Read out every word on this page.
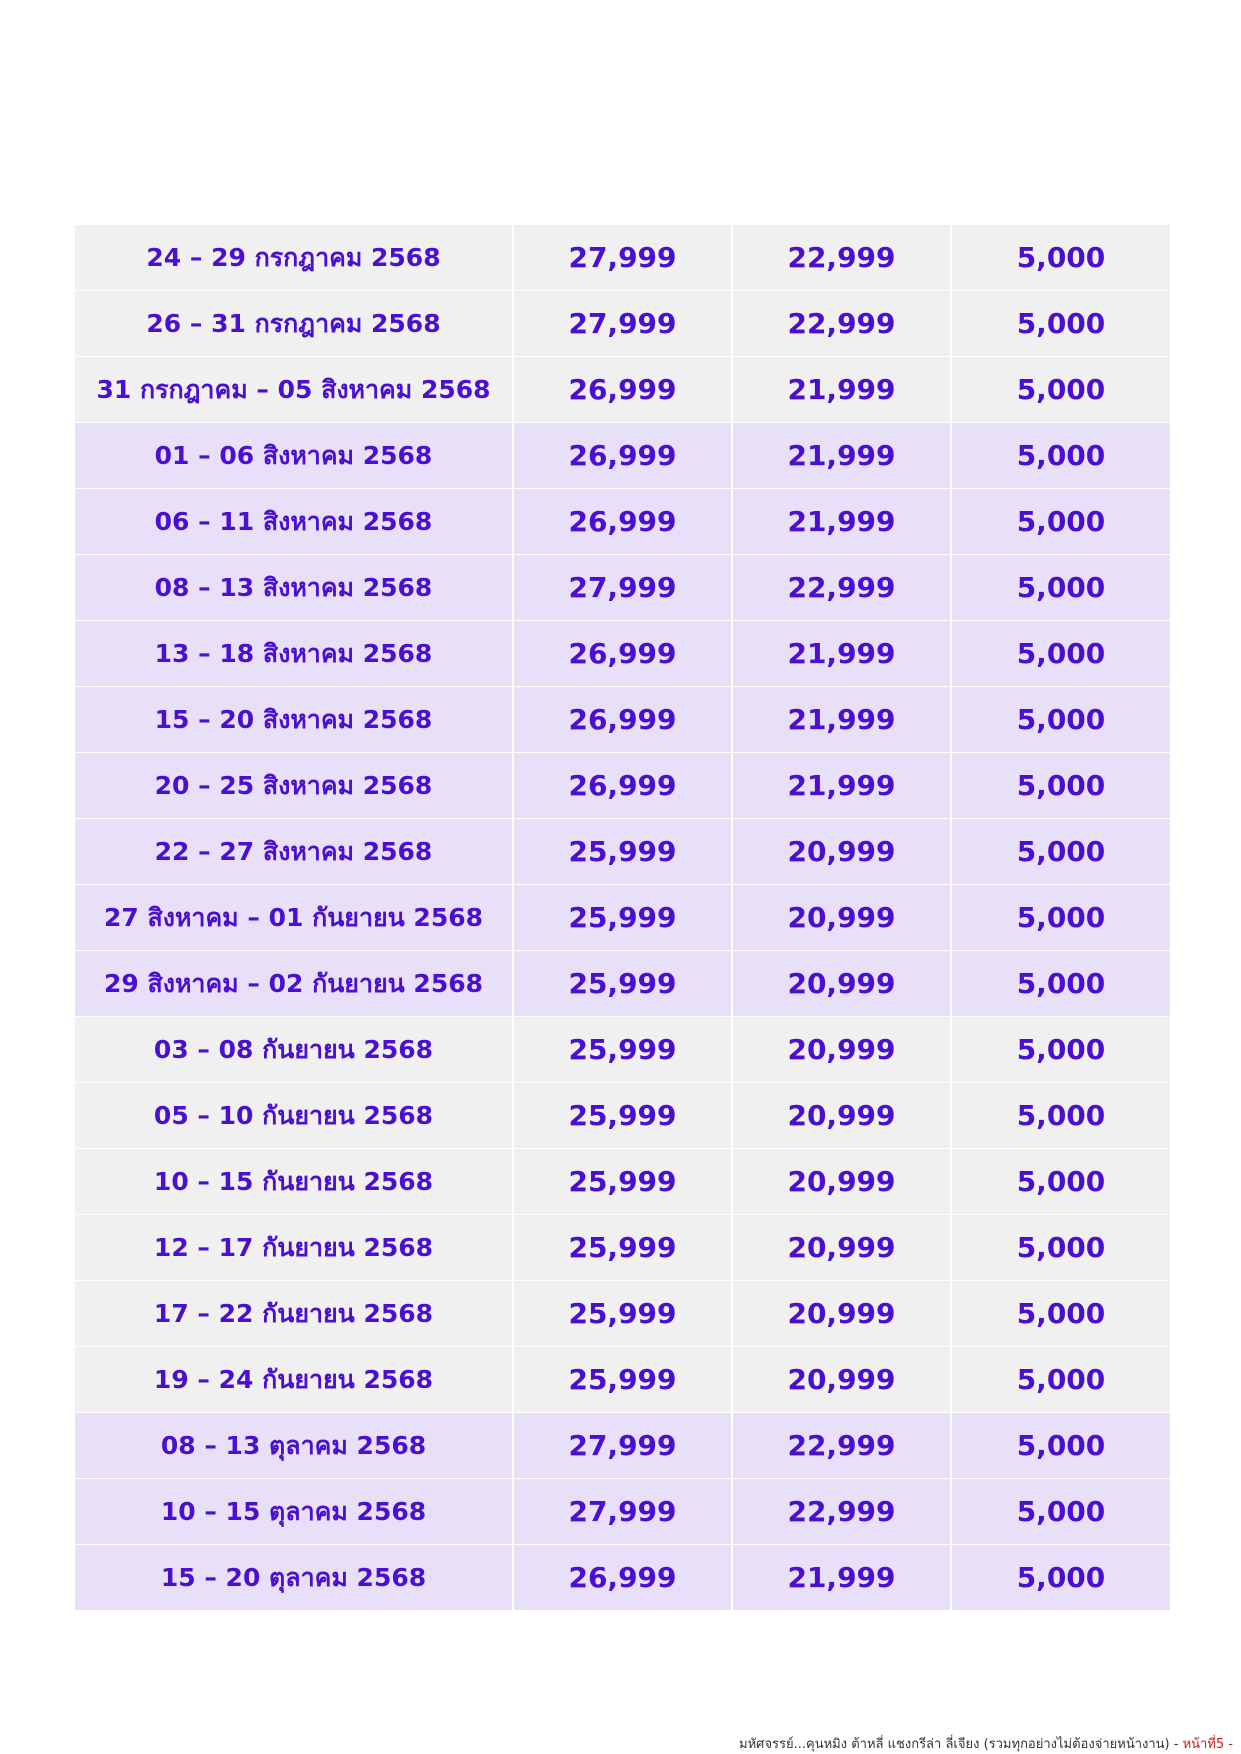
24 – 29 กรกฎาคม 2568	27,999	22,999	5,000
26 – 31 กรกฎาคม 2568	27,999	22,999	5,000
31 กรกฎาคม – 05 สิงหาคม 2568	26,999	21,999	5,000
01 – 06 สิงหาคม 2568	26,999	21,999	5,000
06 – 11 สิงหาคม 2568	26,999	21,999	5,000
08 – 13 สิงหาคม 2568	27,999	22,999	5,000
13 – 18 สิงหาคม 2568	26,999	21,999	5,000
15 – 20 สิงหาคม 2568	26,999	21,999	5,000
20 – 25 สิงหาคม 2568	26,999	21,999	5,000
22 – 27 สิงหาคม 2568	25,999	20,999	5,000
27 สิงหาคม – 01 กันยายน 2568	25,999	20,999	5,000
29 สิงหาคม – 02 กันยายน 2568	25,999	20,999	5,000
03 – 08 กันยายน 2568	25,999	20,999	5,000
05 – 10 กันยายน 2568	25,999	20,999	5,000
10 – 15 กันยายน 2568	25,999	20,999	5,000
12 – 17 กันยายน 2568	25,999	20,999	5,000
17 – 22 กันยายน 2568	25,999	20,999	5,000
19 – 24 กันยายน 2568	25,999	20,999	5,000
08 – 13 ตุลาคม 2568	27,999	22,999	5,000
10 – 15 ตุลาคม 2568	27,999	22,999	5,000
15 – 20 ตุลาคม 2568	26,999	21,999	5,000
มหัศจรรย์...คุนหมิง ต้าหลี่ แชงกรีล่า ลี่เจียง (รวมทุกอย่างไม่ต้องจ่ายหน้างาน) - หน้าที่5 -
